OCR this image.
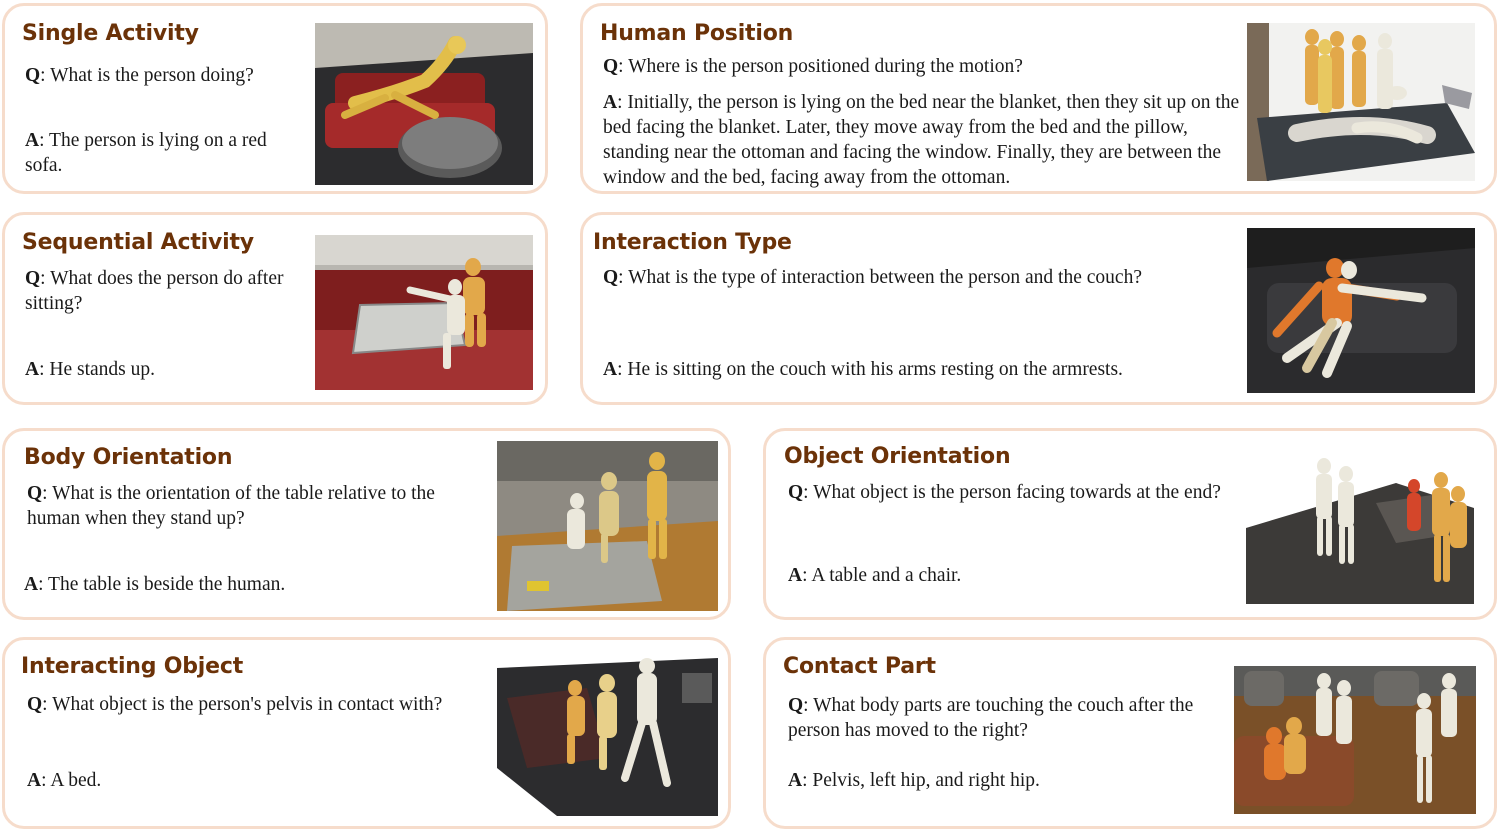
Single Activity
Q: What is the person doing?
A: The person is lying on a red sofa.
Human Position
Q: Where is the person positioned during the motion?
A: Initially, the person is lying on the bed near the blanket, then they sit up on the bed facing the blanket. Later, they move away from the bed and the pillow, standing near the ottoman and facing the window. Finally, they are between the window and the bed, facing away from the ottoman.
Sequential Activity
Q: What does the person do after sitting?
A: He stands up.
Interaction Type
Q: What is the type of interaction between the person and the couch?
A: He is sitting on the couch with his arms resting on the armrests.
Body Orientation
Q: What is the orientation of the table relative to the human when they stand up?
A: The table is beside the human.
Object Orientation
Q: What object is the person facing towards at the end?
A: A table and a chair.
Interacting Object
Q: What object is the person's pelvis in contact with?
A: A bed.
Contact Part
Q: What body parts are touching the couch after the person has moved to the right?
A: Pelvis, left hip, and right hip.
